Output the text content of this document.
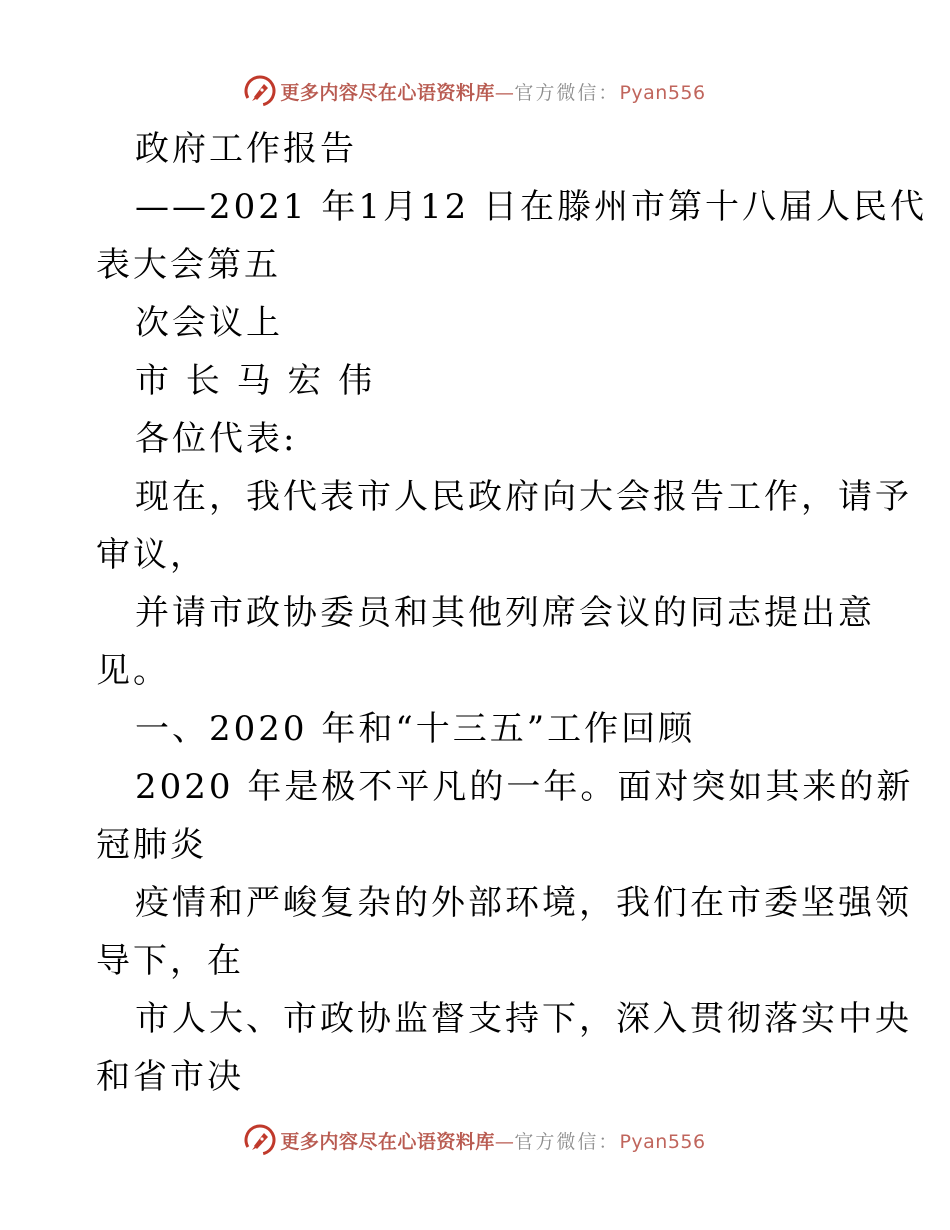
更多内容尽在心语资料库—官方微信：Pyan556
政府工作报告
——2021 年1月12 日在滕州市第十八届人民代
表大会第五
次会议上
市 长 马 宏 伟
各位代表:
现在，我代表市人民政府向大会报告工作，请予
审议，
并请市政协委员和其他列席会议的同志提出意
见。
一、2020 年和“十三五”工作回顾
2020 年是极不平凡的一年。面对突如其来的新
冠肺炎
疫情和严峻复杂的外部环境，我们在市委坚强领
导下，在
市人大、市政协监督支持下，深入贯彻落实中央
和省市决
更多内容尽在心语资料库—官方微信：Pyan556
